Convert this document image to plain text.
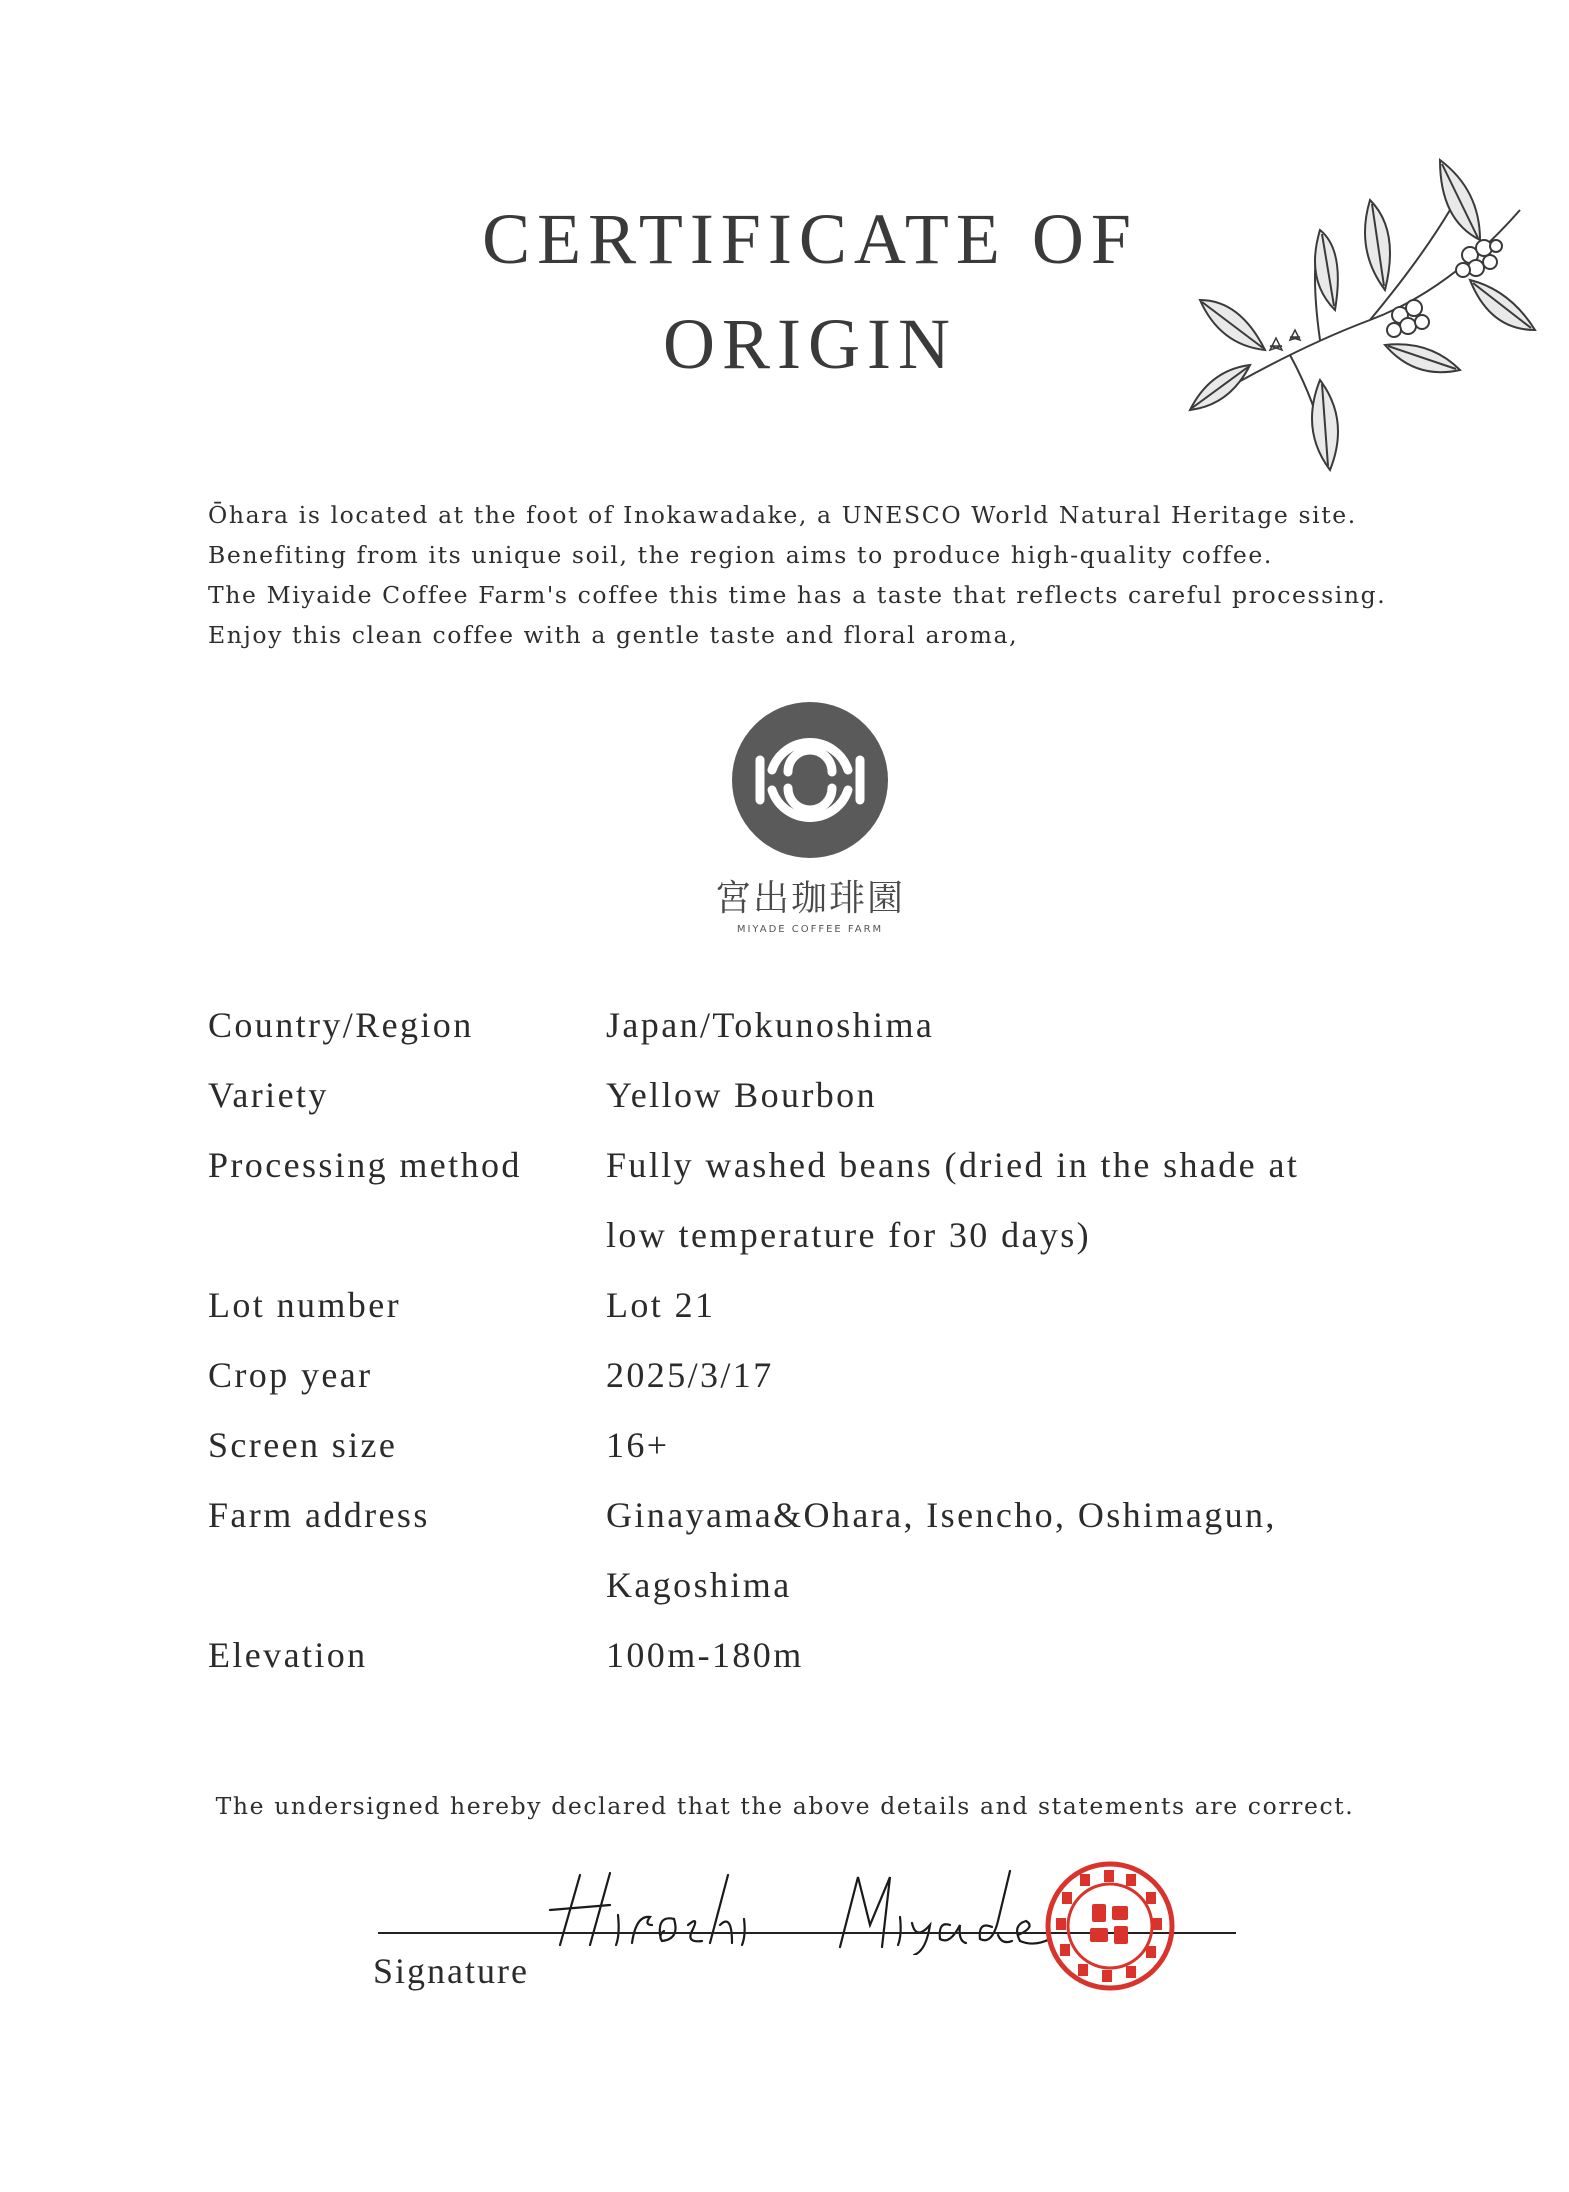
CERTIFICATE OF
ORIGIN

Ōhara is located at the foot of Inokawadake, a UNESCO World Natural Heritage site.

Benefiting from its unique soil, the region aims to produce high-quality coffee.

The Miyaide Coffee Farm's coffee this time has a taste that reflects careful processing.

Enjoy this clean coffee with a gentle taste and floral aroma,

宮出珈琲園
MIYADE COFFEE FARM
Country/Region	Japan/Tokunoshima
Variety	Yellow Bourbon
Processing method	Fully washed beans (dried in the shade at
low temperature for 30 days)
Lot number	Lot 21
Crop year	2025/3/17
Screen size	16+
Farm address	Ginayama&Ohara, Isencho, Oshimagun,
Kagoshima
Elevation	100m-180m
The undersigned hereby declared that the above details and statements are correct.
Signature
